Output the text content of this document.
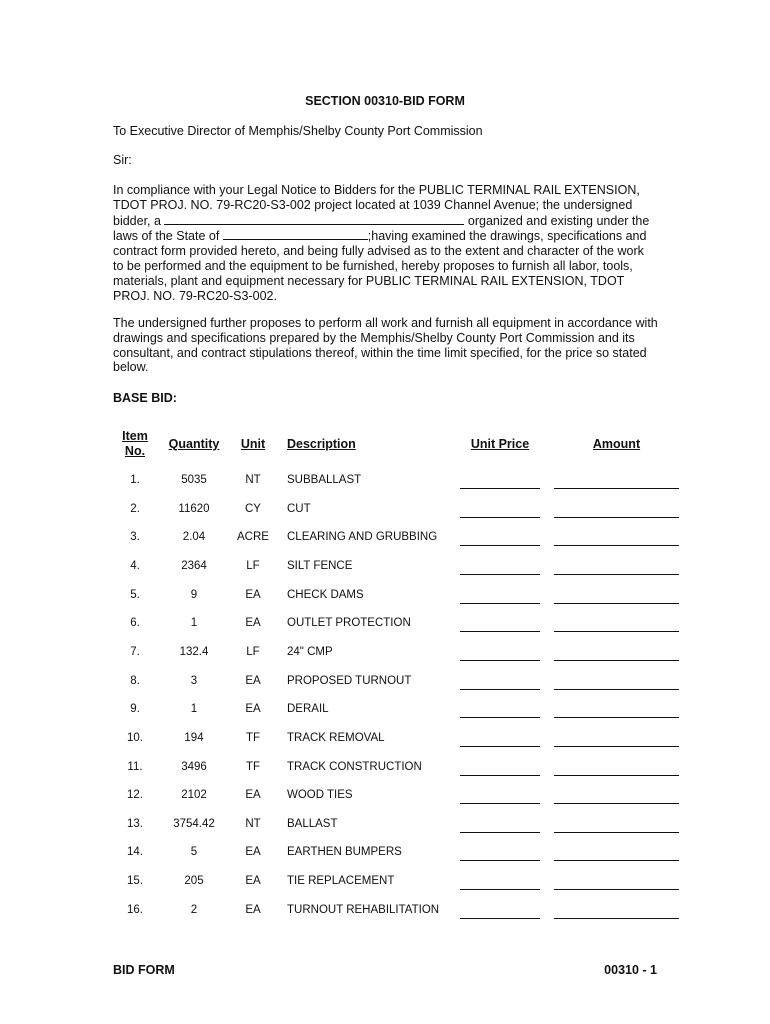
SECTION 00310-BID FORM

To Executive Director of Memphis/Shelby County Port Commission

Sir:

In compliance with your Legal Notice to Bidders for the PUBLIC TERMINAL RAIL EXTENSION,

TDOT PROJ. NO. 79-RC20-S3-002 project located at 1039 Channel Avenue; the undersigned

bidder, a	organized and existing under the

laws of the State of	;having examined the drawings, specifications and

contract form provided hereto, and being fully advised as to the extent and character of the work

to be performed and the equipment to be furnished, hereby proposes to furnish all labor, tools,

materials, plant and equipment necessary for PUBLIC TERMINAL RAIL EXTENSION, TDOT

PROJ. NO. 79-RC20-S3-002.

The undersigned further proposes to perform all work and furnish all equipment in accordance with

drawings and specifications prepared by the Memphis/Shelby County Port Commission and its

consultant, and contract stipulations thereof, within the time limit specified, for the price so stated

below.

BASE BID:
Item
No.	Quantity	Unit	Description	Unit Price	Amount
1.	5035	NT	SUBBALLAST
2.	11620	CY	CUT
3.	2.04	ACRE	CLEARING AND GRUBBING
4.	2364	LF	SILT FENCE
5.	9	EA	CHECK DAMS
6.	1	EA	OUTLET PROTECTION
7.	132.4	LF	24" CMP
8.	3	EA	PROPOSED TURNOUT
9.	1	EA	DERAIL
10.	194	TF	TRACK REMOVAL
11.	3496	TF	TRACK CONSTRUCTION
12.	2102	EA	WOOD TIES
13.	3754.42	NT	BALLAST
14.	5	EA	EARTHEN BUMPERS
15.	205	EA	TIE REPLACEMENT
16.	2	EA	TURNOUT REHABILITATION
BID FORM	00310 - 1
